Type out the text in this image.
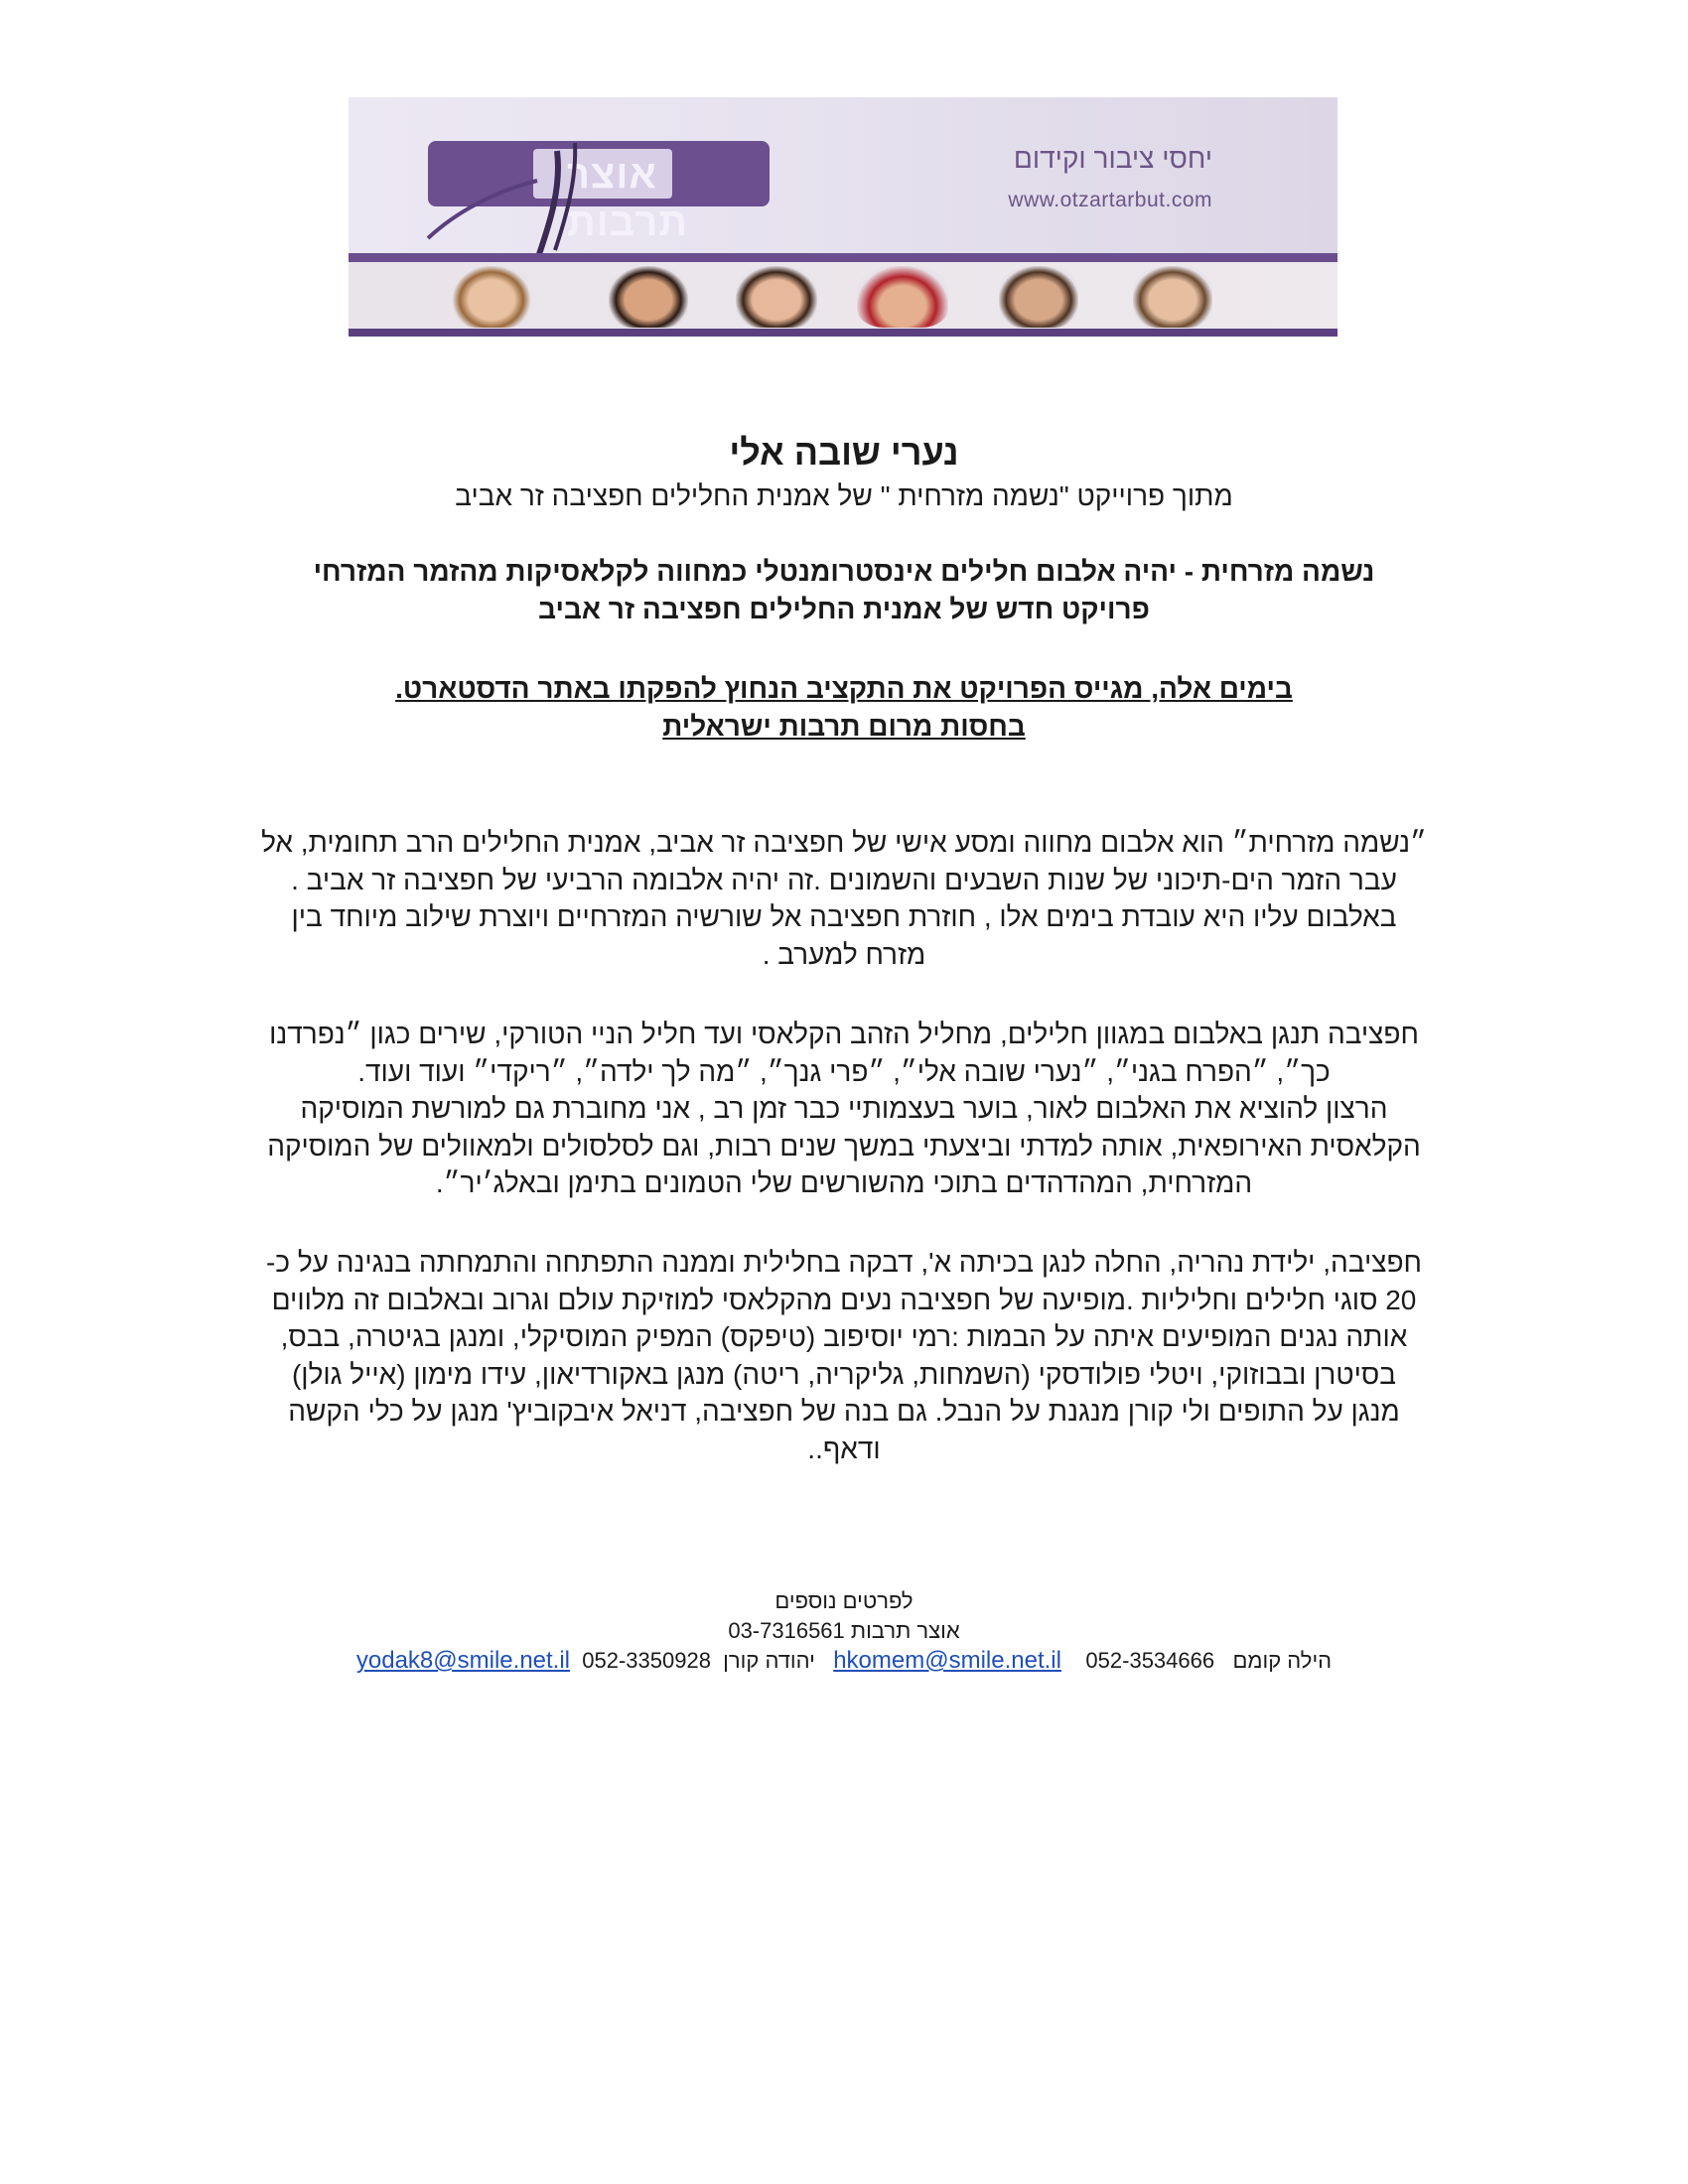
אוצר תרבות
יחסי ציבור וקידום
www.otzartarbut.com
נערי שובה אלי
מתוך פרוייקט "נשמה מזרחית " של אמנית החלילים חפציבה זר אביב
נשמה מזרחית - יהיה אלבום חלילים אינסטרומנטלי כמחווה לקלאסיקות מהזמר המזרחי
פרויקט חדש של אמנית החלילים חפציבה זר אביב
בימים אלה, מגייס הפרויקט את התקציב הנחוץ להפקתו באתר הדסטארט.
בחסות מרום תרבות ישראלית
״נשמה מזרחית״ הוא אלבום מחווה ומסע אישי של חפציבה זר אביב, אמנית החלילים הרב תחומית, אל
עבר הזמר הים-תיכוני של שנות השבעים והשמונים .זה יהיה אלבומה הרביעי של חפציבה זר אביב .
באלבום עליו היא עובדת בימים אלו , חוזרת חפציבה אל שורשיה המזרחיים ויוצרת שילוב מיוחד בין
מזרח למערב .
חפציבה תנגן באלבום במגוון חלילים, מחליל הזהב הקלאסי ועד חליל הניי הטורקי, שירים כגון ״נפרדנו
כך״, ״הפרח בגני״, ״נערי שובה אלי״, ״פרי גנך״, ״מה לך ילדה״, ״ריקדי״ ועוד ועוד.
הרצון להוציא את האלבום לאור, בוער בעצמותיי כבר זמן רב , אני מחוברת גם למורשת המוסיקה
הקלאסית האירופאית, אותה למדתי וביצעתי במשך שנים רבות, וגם לסלסולים ולמאוולים של המוסיקה
המזרחית, המהדהדים בתוכי מהשורשים שלי הטמונים בתימן ובאלג׳יר״.
חפציבה, ילידת נהריה, החלה לנגן בכיתה א', דבקה בחלילית וממנה התפתחה והתמחתה בנגינה על כ-
20 סוגי חלילים וחליליות .מופיעה של חפציבה נעים מהקלאסי למוזיקת עולם וגרוב ובאלבום זה מלווים
אותה נגנים המופיעים איתה על הבמות :רמי יוסיפוב (טיפקס) המפיק המוסיקלי, ומנגן בגיטרה, בבס,
בסיטרן ובבוזוקי, ויטלי פולודסקי (השמחות, גליקריה, ריטה) מנגן באקורדיאון, עידו מימון (אייל גולן)
מנגן על התופים ולי קורן מנגנת על הנבל. גם בנה של חפציבה, דניאל איבקוביץ' מנגן על כלי הקשה
ודאף..
לפרטים נוספים
אוצר תרבות 03-7316561
הילה קומם   052-3534666    hkomem@smile.net.il   יהודה קורן  052-3350928  yodak8@smile.net.il
